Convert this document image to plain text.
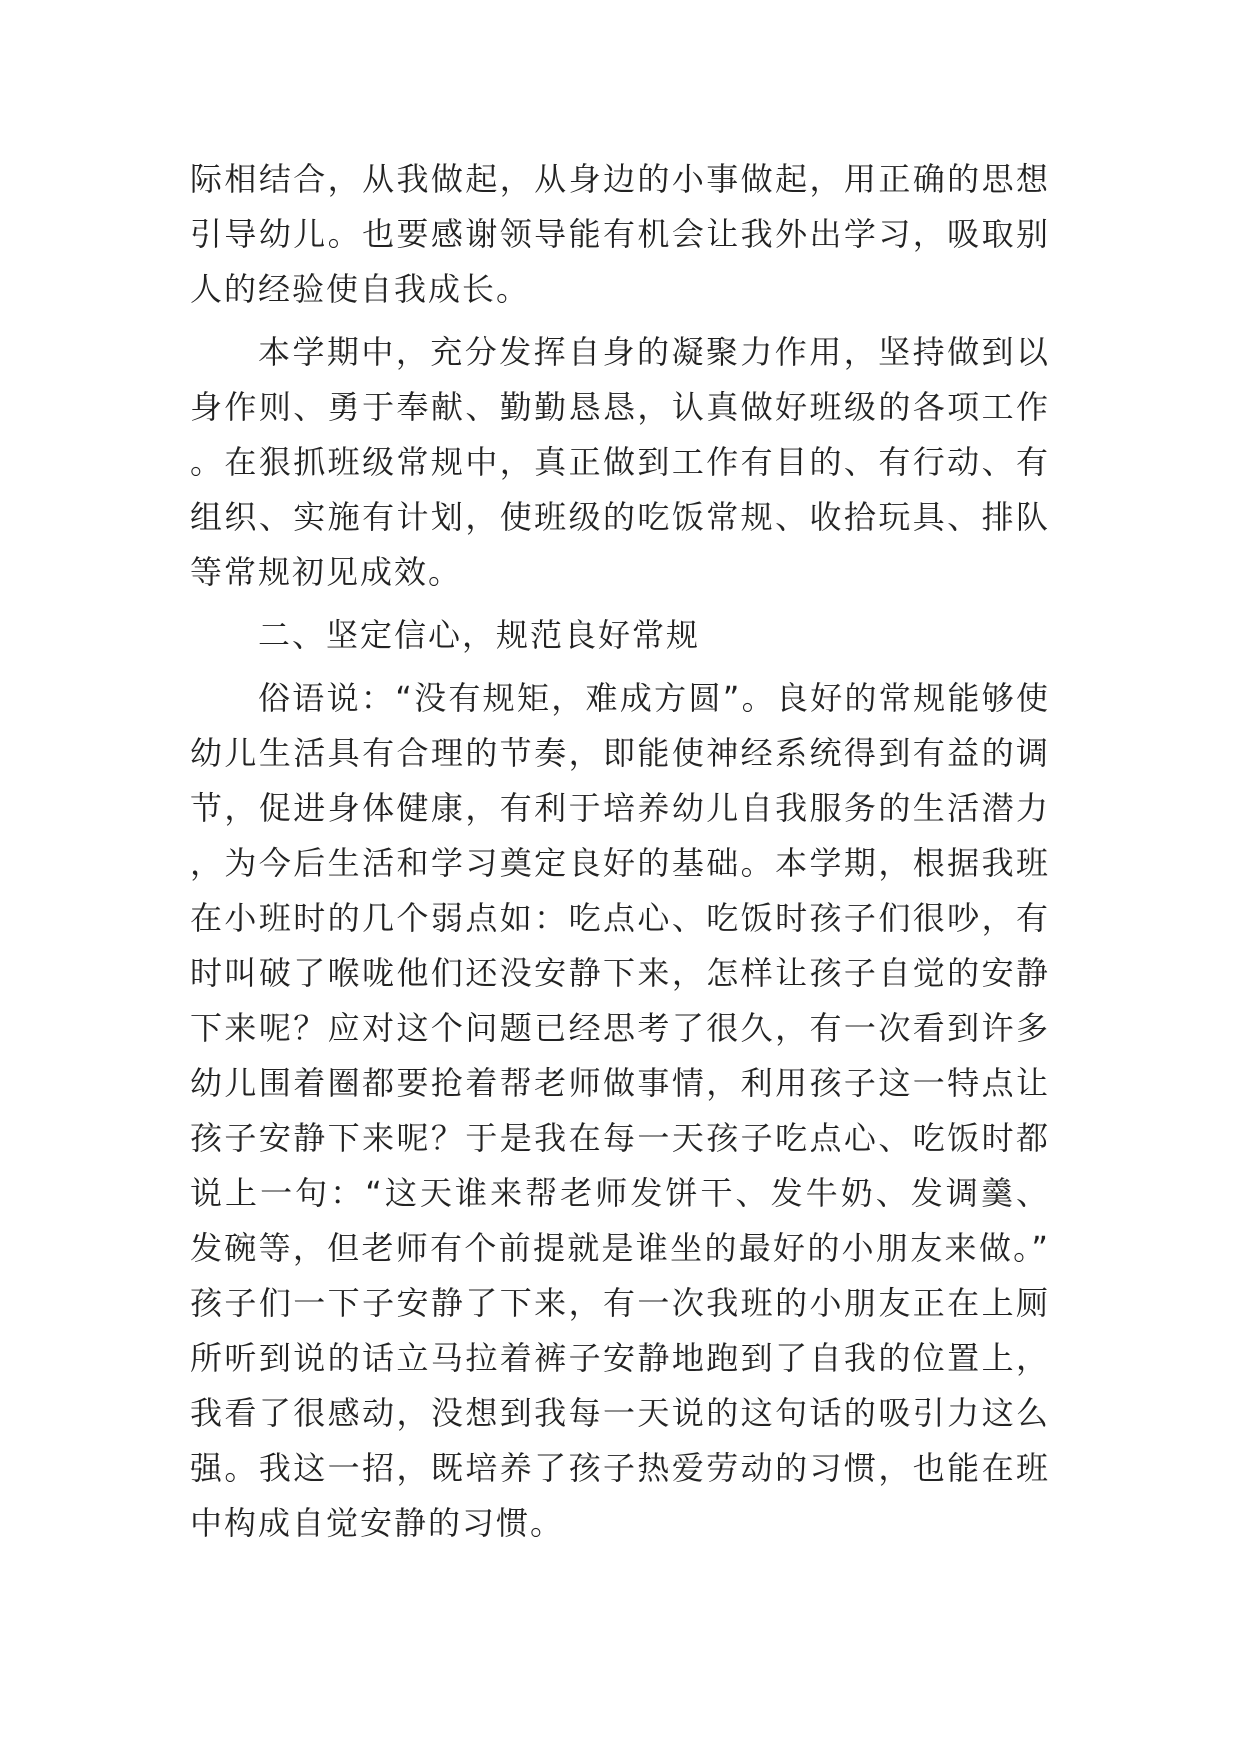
际相结合，从我做起，从身边的小事做起，用正确的思想引导幼儿。也要感谢领导能有机会让我外出学习，吸取别人的经验使自我成长。

本学期中，充分发挥自身的凝聚力作用，坚持做到以身作则、勇于奉献、勤勤恳恳，认真做好班级的各项工作。在狠抓班级常规中，真正做到工作有目的、有行动、有组织、实施有计划，使班级的吃饭常规、收拾玩具、排队等常规初见成效。

二、坚定信心，规范良好常规

俗语说：“没有规矩，难成方圆”。良好的常规能够使幼儿生活具有合理的节奏，即能使神经系统得到有益的调节，促进身体健康，有利于培养幼儿自我服务的生活潜力，为今后生活和学习奠定良好的基础。本学期，根据我班在小班时的几个弱点如：吃点心、吃饭时孩子们很吵，有时叫破了喉咙他们还没安静下来，怎样让孩子自觉的安静下来呢？应对这个问题已经思考了很久，有一次看到许多幼儿围着圈都要抢着帮老师做事情，利用孩子这一特点让孩子安静下来呢？于是我在每一天孩子吃点心、吃饭时都说上一句：“这天谁来帮老师发饼干、发牛奶、发调羹、发碗等，但老师有个前提就是谁坐的最好的小朋友来做。”孩子们一下子安静了下来，有一次我班的小朋友正在上厕所听到说的话立马拉着裤子安静地跑到了自我的位置上，我看了很感动，没想到我每一天说的这句话的吸引力这么强。我这一招，既培养了孩子热爱劳动的习惯，也能在班中构成自觉安静的习惯。
